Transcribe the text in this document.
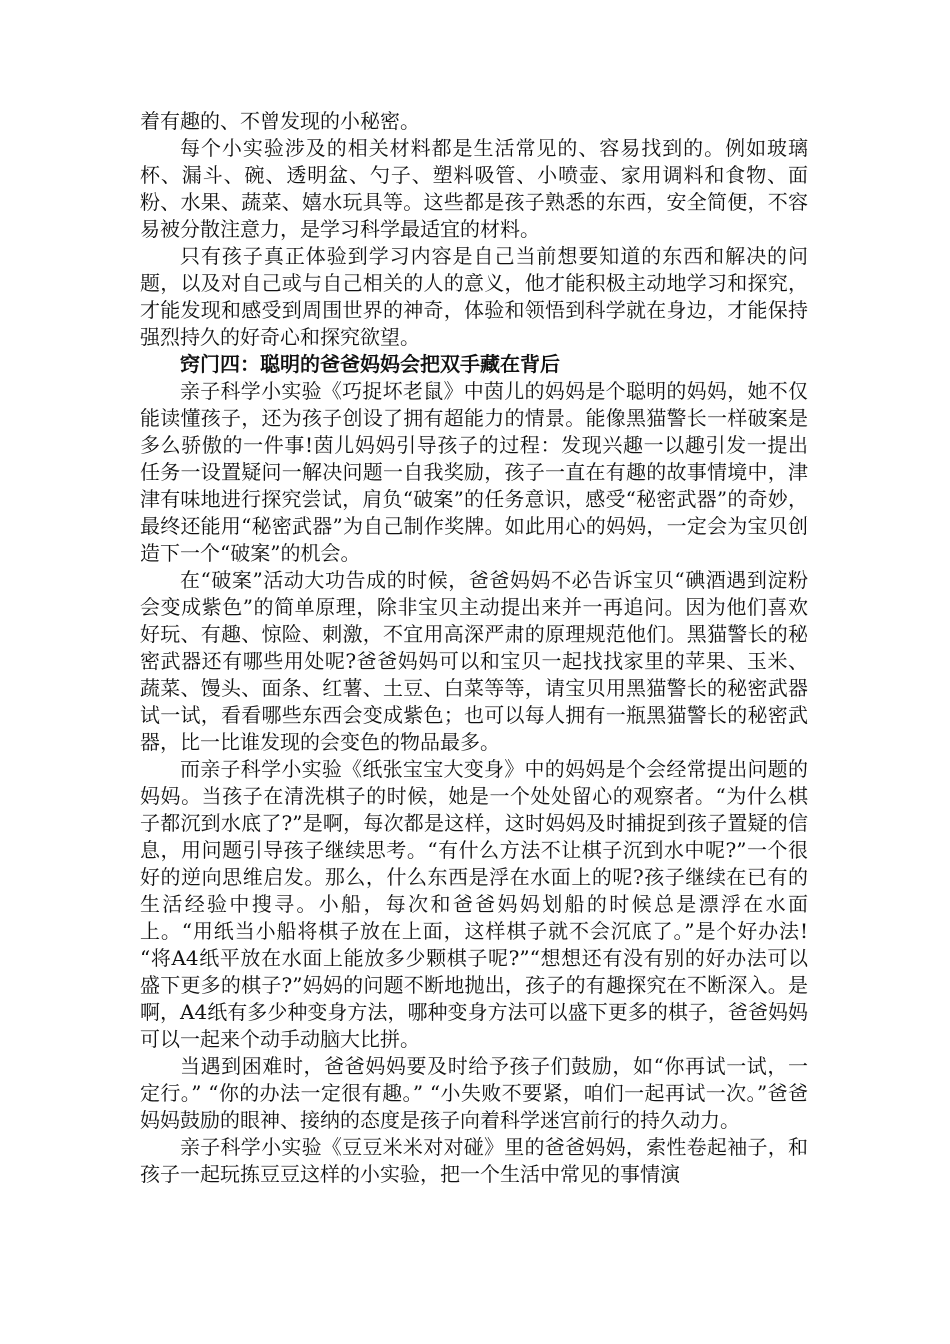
着有趣的、不曾发现的小秘密。

每个小实验涉及的相关材料都是生活常见的、容易找到的。例如玻璃杯、漏斗、碗、透明盆、勺子、塑料吸管、小喷壶、家用调料和食物、面粉、水果、蔬菜、嬉水玩具等。这些都是孩子熟悉的东西，安全简便，不容易被分散注意力，是学习科学最适宜的材料。

只有孩子真正体验到学习内容是自己当前想要知道的东西和解决的问题，以及对自己或与自己相关的人的意义，他才能积极主动地学习和探究，才能发现和感受到周围世界的神奇，体验和领悟到科学就在身边，才能保持强烈持久的好奇心和探究欲望。

窍门四：聪明的爸爸妈妈会把双手藏在背后

亲子科学小实验《巧捉坏老鼠》中茵儿的妈妈是个聪明的妈妈，她不仅能读懂孩子，还为孩子创设了拥有超能力的情景。能像黑猫警长一样破案是多么骄傲的一件事!茵儿妈妈引导孩子的过程：发现兴趣一以趣引发一提出任务一设置疑问一解决问题一自我奖励，孩子一直在有趣的故事情境中，津津有味地进行探究尝试，肩负“破案”的任务意识，感受“秘密武器”的奇妙，最终还能用“秘密武器”为自己制作奖牌。如此用心的妈妈，一定会为宝贝创造下一个“破案”的机会。

在“破案”活动大功告成的时候，爸爸妈妈不必告诉宝贝“碘酒遇到淀粉会变成紫色”的简单原理，除非宝贝主动提出来并一再追问。因为他们喜欢好玩、有趣、惊险、刺激，不宜用高深严肃的原理规范他们。黑猫警长的秘密武器还有哪些用处呢?爸爸妈妈可以和宝贝一起找找家里的苹果、玉米、蔬菜、馒头、面条、红薯、土豆、白菜等等，请宝贝用黑猫警长的秘密武器试一试，看看哪些东西会变成紫色；也可以每人拥有一瓶黑猫警长的秘密武器，比一比谁发现的会变色的物品最多。

而亲子科学小实验《纸张宝宝大变身》中的妈妈是个会经常提出问题的妈妈。当孩子在清洗棋子的时候，她是一个处处留心的观察者。“为什么棋子都沉到水底了?”是啊，每次都是这样，这时妈妈及时捕捉到孩子置疑的信息，用问题引导孩子继续思考。“有什么方法不让棋子沉到水中呢?”一个很好的逆向思维启发。那么，什么东西是浮在水面上的呢?孩子继续在已有的生活经验中搜寻。小船，每次和爸爸妈妈划船的时候总是漂浮在水面上。“用纸当小船将棋子放在上面，这样棋子就不会沉底了。”是个好办法! “将A4纸平放在水面上能放多少颗棋子呢?”“想想还有没有别的好办法可以盛下更多的棋子?”妈妈的问题不断地抛出，孩子的有趣探究在不断深入。是啊，A4纸有多少种变身方法，哪种变身方法可以盛下更多的棋子，爸爸妈妈可以一起来个动手动脑大比拼。

当遇到困难时，爸爸妈妈要及时给予孩子们鼓励，如“你再试一试，一定行。” “你的办法一定很有趣。” “小失败不要紧，咱们一起再试一次。”爸爸妈妈鼓励的眼神、接纳的态度是孩子向着科学迷宫前行的持久动力。

亲子科学小实验《豆豆米米对对碰》里的爸爸妈妈，索性卷起袖子，和孩子一起玩拣豆豆这样的小实验，把一个生活中常见的事情演
